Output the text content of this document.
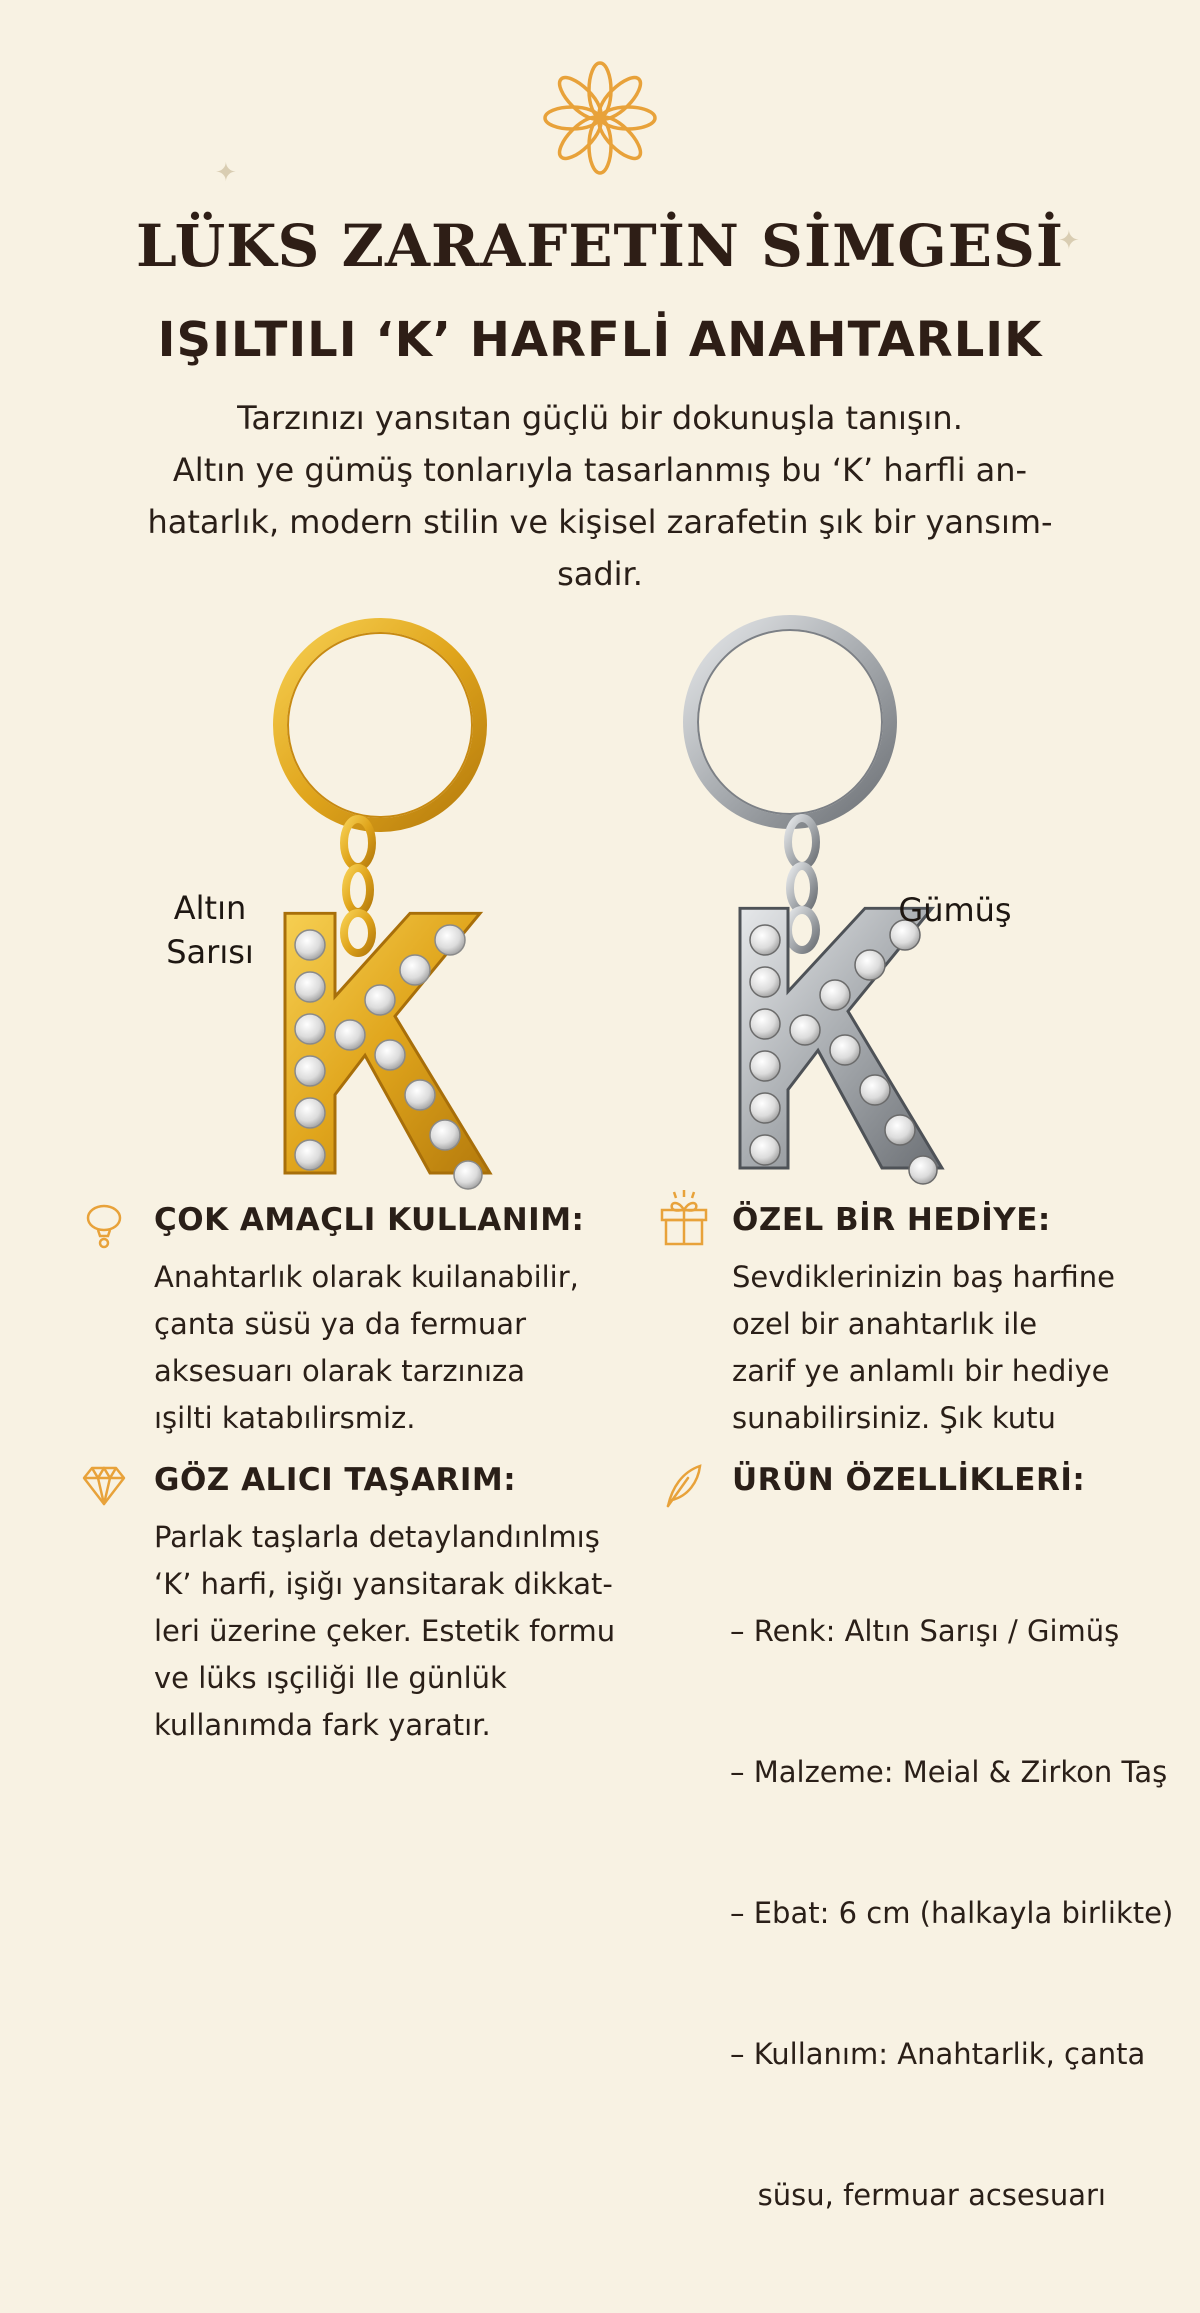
✦
✦
LÜKS ZARAFETİN SİMGESİ
IŞILTILI ‘K’ HARFLİ ANAHTARLIK
Tarzınızı yansıtan güçlü bir dokunuşla tanışın.
Altın ye gümüş tonlarıyla tasarlanmış bu ‘K’ harfli an-
hatarlık, modern stilin ve kişisel zarafetin şık bir yansım-
sadir.
Altın
Sarısı
Gümüş
ÇOK AMAÇLI KULLANIM:
Anahtarlık olarak kuilanabilir,
çanta süsü ya da fermuar
aksesuarı olarak tarzınıza
ışilti katabılirsmiz.
ÖZEL BİR HEDİYE:
Sevdiklerinizin baş harfine
ozel bir anahtarlık ile
zarif ye anlamlı bir hediye
sunabilirsiniz. Şık kutu
GÖZ ALICI TAŞARIM:
Parlak taşlarla detaylandınlmış
‘K’ harfi, işiğı yansitarak dikkat-
leri üzerine çeker. Estetik formu
ve lüks ışçiliği Ile günlük
kullanımda fark yaratır.
ÜRÜN ÖZELLİKLERİ:

– Renk: Altın Sarışı / Gimüş

– Malzeme: Meial & Zirkon Taş

– Ebat: 6 cm (halkayla birlikte)

– Kullanım: Anahtarlik, çanta

süsu, fermuar acsesuarı
